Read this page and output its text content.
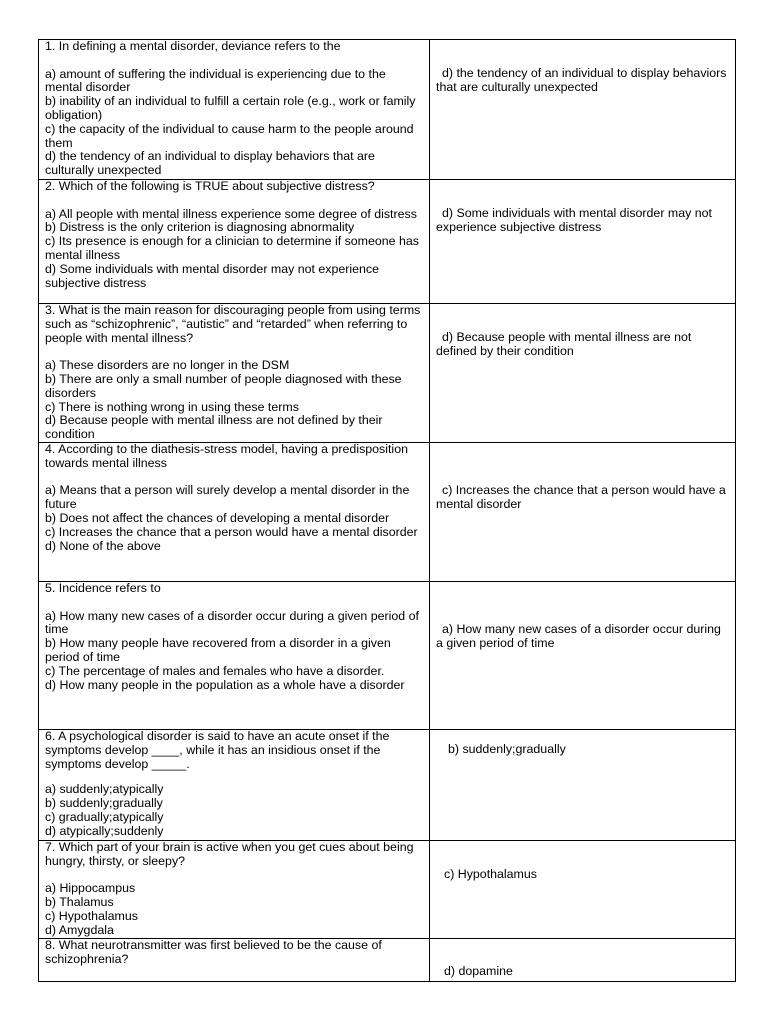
1. In defining a mental disorder, deviance refers to the

a) amount of suffering the individual is experiencing due to the mental disorder

b) inability of an individual to fulfill a certain role (e.g., work or family obligation)

c) the capacity of the individual to cause harm to the people around them

d) the tendency of an individual to display behaviors that are culturally unexpected	d) the tendency of an individual to display behaviors that are culturally unexpected

2. Which of the following is TRUE about subjective distress?

a) All people with mental illness experience some degree of distress

b) Distress is the only criterion is diagnosing abnormality

c) Its presence is enough for a clinician to determine if someone has mental illness

d) Some individuals with mental disorder may not experience subjective distress	d) Some individuals with mental disorder may not experience subjective distress

3. What is the main reason for discouraging people from using terms such as “schizophrenic”, “autistic” and “retarded” when referring to people with mental illness?

a) These disorders are no longer in the DSM

b) There are only a small number of people diagnosed with these disorders

c) There is nothing wrong in using these terms

d) Because people with mental illness are not defined by their condition	d) Because people with mental illness are not defined by their condition

4. According to the diathesis-stress model, having a predisposition towards mental illness

a) Means that a person will surely develop a mental disorder in the future

b) Does not affect the chances of developing a mental disorder

c) Increases the chance that a person would have a mental disorder

d) None of the above	c) Increases the chance that a person would have a mental disorder

5. Incidence refers to

a) How many new cases of a disorder occur during a given period of time

b) How many people have recovered from a disorder in a given period of time

c) The percentage of males and females who have a disorder.

d) How many people in the population as a whole have a disorder	a) How many new cases of a disorder occur during a given period of time

6. A psychological disorder is said to have an acute onset if the symptoms develop ____, while it has an insidious onset if the symptoms develop _____.

a) suddenly;atypically

b) suddenly;gradually

c) gradually;atypically

d) atypically;suddenly	b) suddenly;gradually

7. Which part of your brain is active when you get cues about being hungry, thirsty, or sleepy?

a) Hippocampus

b) Thalamus

c) Hypothalamus

d) Amygdala	c) Hypothalamus

8. What neurotransmitter was first believed to be the cause of schizophrenia?	d) dopamine
